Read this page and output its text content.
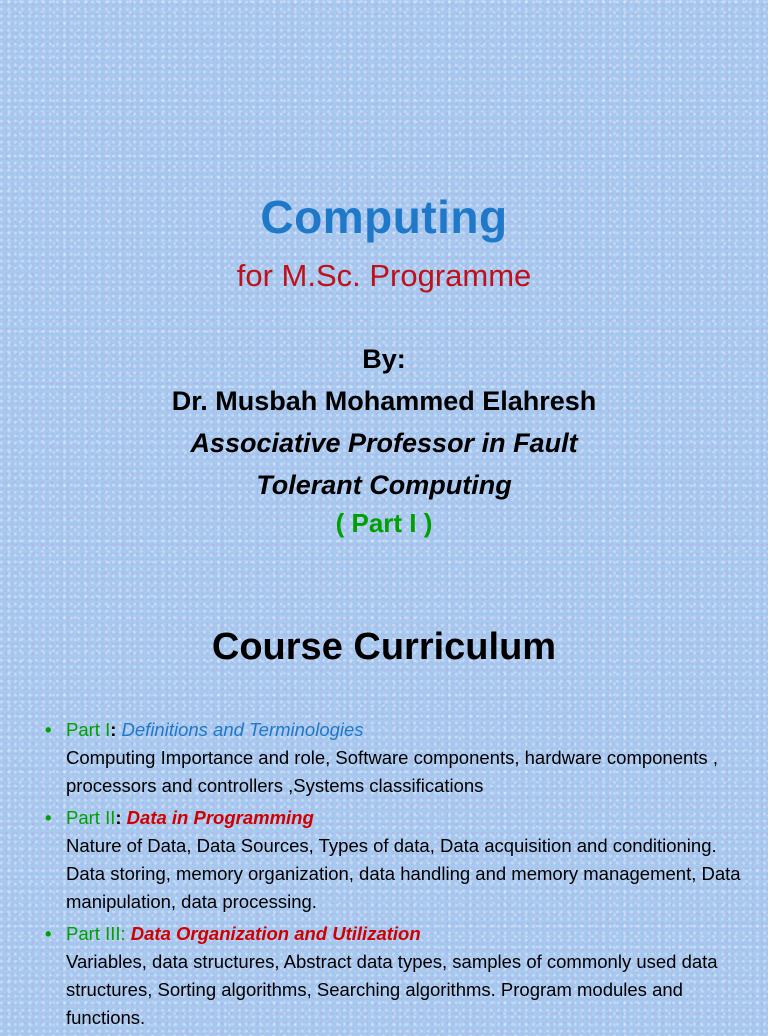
Computing
for M.Sc. Programme
By:
Dr. Musbah Mohammed Elahresh
Associative Professor in Fault
Tolerant Computing
( Part I )
Course Curriculum
• Part I: Definitions and Terminologies
Computing Importance and role, Software components, hardware components , processors and controllers ,Systems classifications
• Part II: Data in Programming
Nature of Data, Data Sources, Types of data, Data acquisition and conditioning. Data storing, memory organization, data handling and memory management, Data manipulation, data processing.
• Part III: Data Organization and Utilization
Variables, data structures, Abstract data types, samples of commonly used data structures, Sorting algorithms, Searching algorithms. Program modules and functions.
